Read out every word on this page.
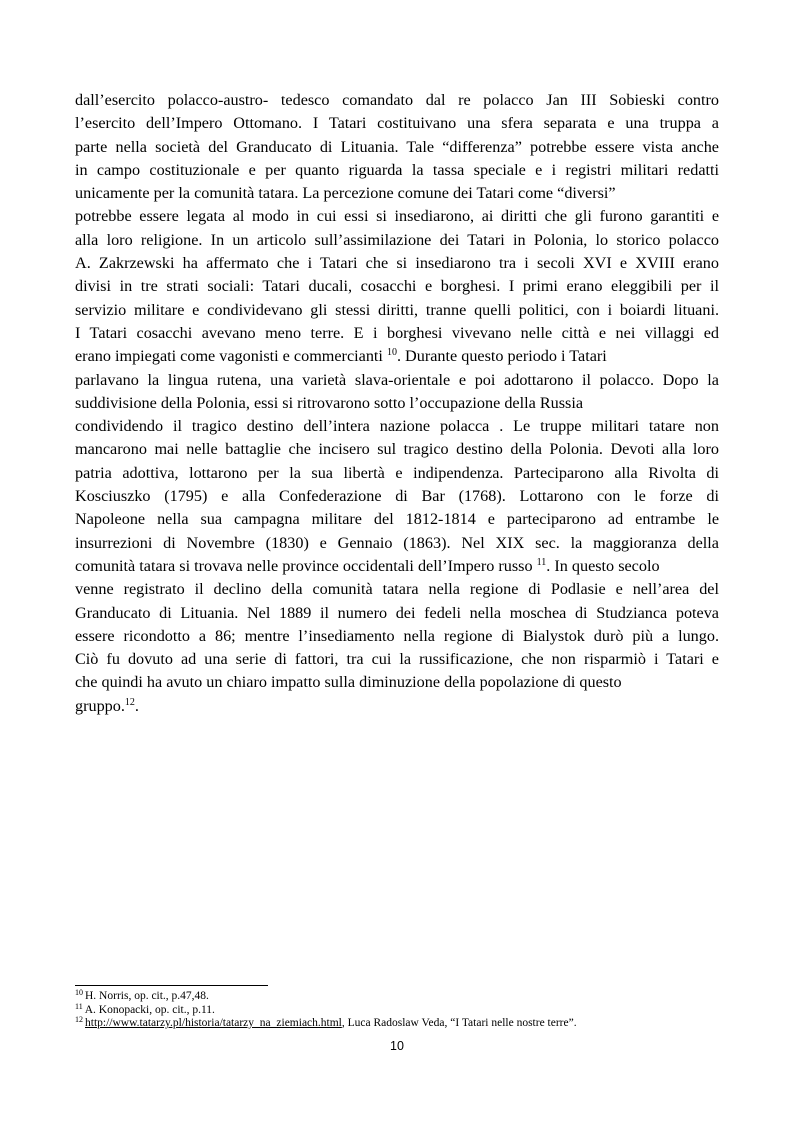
dall’esercito polacco-austro- tedesco comandato dal re polacco Jan III Sobieski contro
l’esercito dell’Impero Ottomano. I Tatari costituivano una sfera separata e una truppa a
parte nella società del Granducato di Lituania. Tale “differenza” potrebbe essere vista anche
in campo costituzionale e per quanto riguarda la tassa speciale e i registri militari redatti
unicamente per la comunità tatara. La percezione comune dei Tatari come “diversi”
potrebbe essere legata al modo in cui essi si insediarono, ai diritti che gli furono garantiti e
alla loro religione. In un articolo sull’assimilazione dei Tatari in Polonia, lo storico polacco
A. Zakrzewski ha affermato che i Tatari che si insediarono tra i secoli XVI e XVIII erano
divisi in tre strati sociali: Tatari ducali, cosacchi e borghesi. I primi erano eleggibili per il
servizio militare e condividevano gli stessi diritti, tranne quelli politici, con i boiardi lituani.
I Tatari cosacchi avevano meno terre. E i borghesi vivevano nelle città e nei villaggi ed
erano impiegati come vagonisti e commercianti $^{10}$. Durante questo periodo i Tatari
parlavano la lingua rutena, una varietà slava-orientale e poi adottarono il polacco. Dopo la
suddivisione della Polonia, essi si ritrovarono sotto l’occupazione della Russia
condividendo il tragico destino dell’intera nazione polacca . Le truppe militari tatare non
mancarono mai nelle battaglie che incisero sul tragico destino della Polonia. Devoti alla loro
patria adottiva, lottarono per la sua libertà e indipendenza. Parteciparono alla Rivolta di
Kosciuszko (1795) e alla Confederazione di Bar (1768). Lottarono con le forze di
Napoleone nella sua campagna militare del 1812-1814 e parteciparono ad entrambe le
insurrezioni di Novembre (1830) e Gennaio (1863). Nel XIX sec. la maggioranza della
comunità tatara si trovava nelle province occidentali dell’Impero russo $^{11}$. In questo secolo
venne registrato il declino della comunità tatara nella regione di Podlasie e nell’area del
Granducato di Lituania. Nel 1889 il numero dei fedeli nella moschea di Studzianca poteva
essere ricondotto a 86; mentre l’insediamento nella regione di Bialystok durò più a lungo.
Ciò fu dovuto ad una serie di fattori, tra cui la russificazione, che non risparmiò i Tatari e
che quindi ha avuto un chiaro impatto sulla diminuzione della popolazione di questo
gruppo.$^{12}$.
$^{10}$ H. Norris, op. cit., p.47,48.
$^{11}$ A. Konopacki, op. cit., p.11.
$^{12}$ http://www.tatarzy.pl/historia/tatarzy_na_ziemiach.html, Luca Radoslaw Veda, “I Tatari nelle nostre terre”.
10
